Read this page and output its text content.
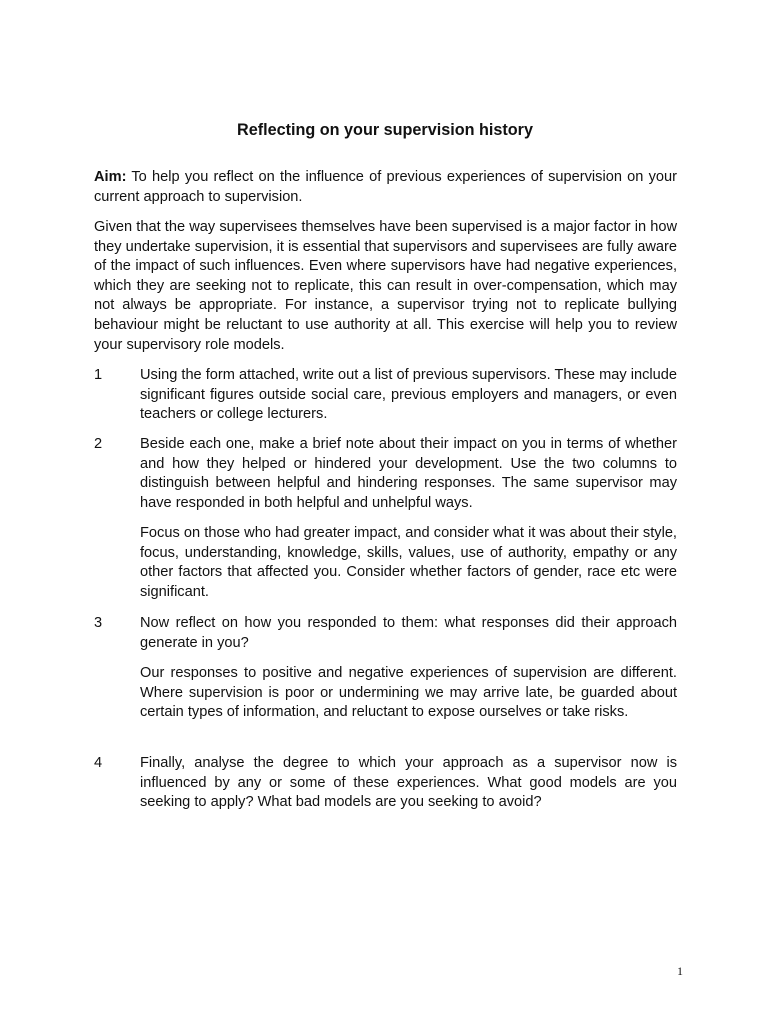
Reflecting on your supervision history

Aim: To help you reflect on the influence of previous experiences of supervision on your current approach to supervision.

Given that the way supervisees themselves have been supervised is a major factor in how they undertake supervision, it is essential that supervisors and supervisees are fully aware of the impact of such influences. Even where supervisors have had negative experiences, which they are seeking not to replicate, this can result in over-compensation, which may not always be appropriate. For instance, a supervisor trying not to replicate bullying behaviour might be reluctant to use authority at all. This exercise will help you to review your supervisory role models.

1	Using the form attached, write out a list of previous supervisors. These may include significant figures outside social care, previous employers and managers, or even teachers or college lecturers.

2	Beside each one, make a brief note about their impact on you in terms of whether and how they helped or hindered your development. Use the two columns to distinguish between helpful and hindering responses. The same supervisor may have responded in both helpful and unhelpful ways.

Focus on those who had greater impact, and consider what it was about their style, focus, understanding, knowledge, skills, values, use of authority, empathy or any other factors that affected you. Consider whether factors of gender, race etc were significant.

3	Now reflect on how you responded to them: what responses did their approach generate in you?

Our responses to positive and negative experiences of supervision are different. Where supervision is poor or undermining we may arrive late, be guarded about certain types of information, and reluctant to expose ourselves or take risks.

4	Finally, analyse the degree to which your approach as a supervisor now is influenced by any or some of these experiences. What good models are you seeking to apply? What bad models are you seeking to avoid?

1
